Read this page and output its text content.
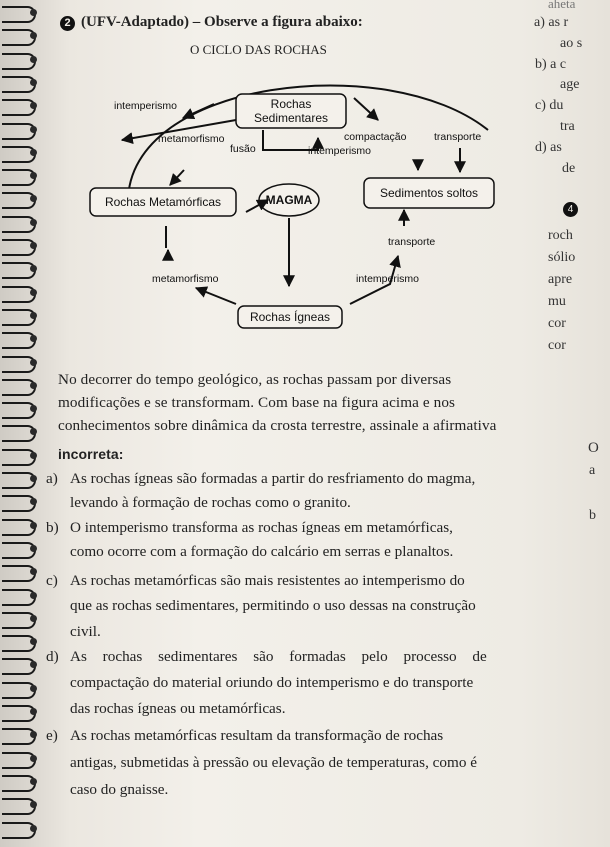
2 (UFV-Adaptado) – Observe a figura abaixo:
O CICLO DAS ROCHAS
Rochas
Sedimentares
Rochas Metamórficas	MAGMA	Sedimentos soltos
Rochas Ígneas
intemperismo
metamorfismo
fusão
compactação
intemperismo
transporte
transporte
metamorfismo	intemperismo
aheta
a) as r
ao s
b) a c
age
c) du
tra
d) as
de
4
roch
sólio
apre
mu
cor
cor
O
a
b
No decorrer do tempo geológico, as rochas passam por diversas
modificações e se transformam. Com base na figura acima e nos
conhecimentos sobre dinâmica da crosta terrestre, assinale a afirmativa
incorreta:
a) As rochas ígneas são formadas a partir do resfriamento do magma,
levando à formação de rochas como o granito.
b) O intemperismo transforma as rochas ígneas em metamórficas,
como ocorre com a formação do calcário em serras e planaltos.
c) As rochas metamórficas são mais resistentes ao intemperismo do
que as rochas sedimentares, permitindo o uso dessas na construção
civil.
d) As rochas sedimentares são formadas pelo processo de
compactação do material oriundo do intemperismo e do transporte
das rochas ígneas ou metamórficas.
e) As rochas metamórficas resultam da transformação de rochas
antigas, submetidas à pressão ou elevação de temperaturas, como é
caso do gnaisse.
